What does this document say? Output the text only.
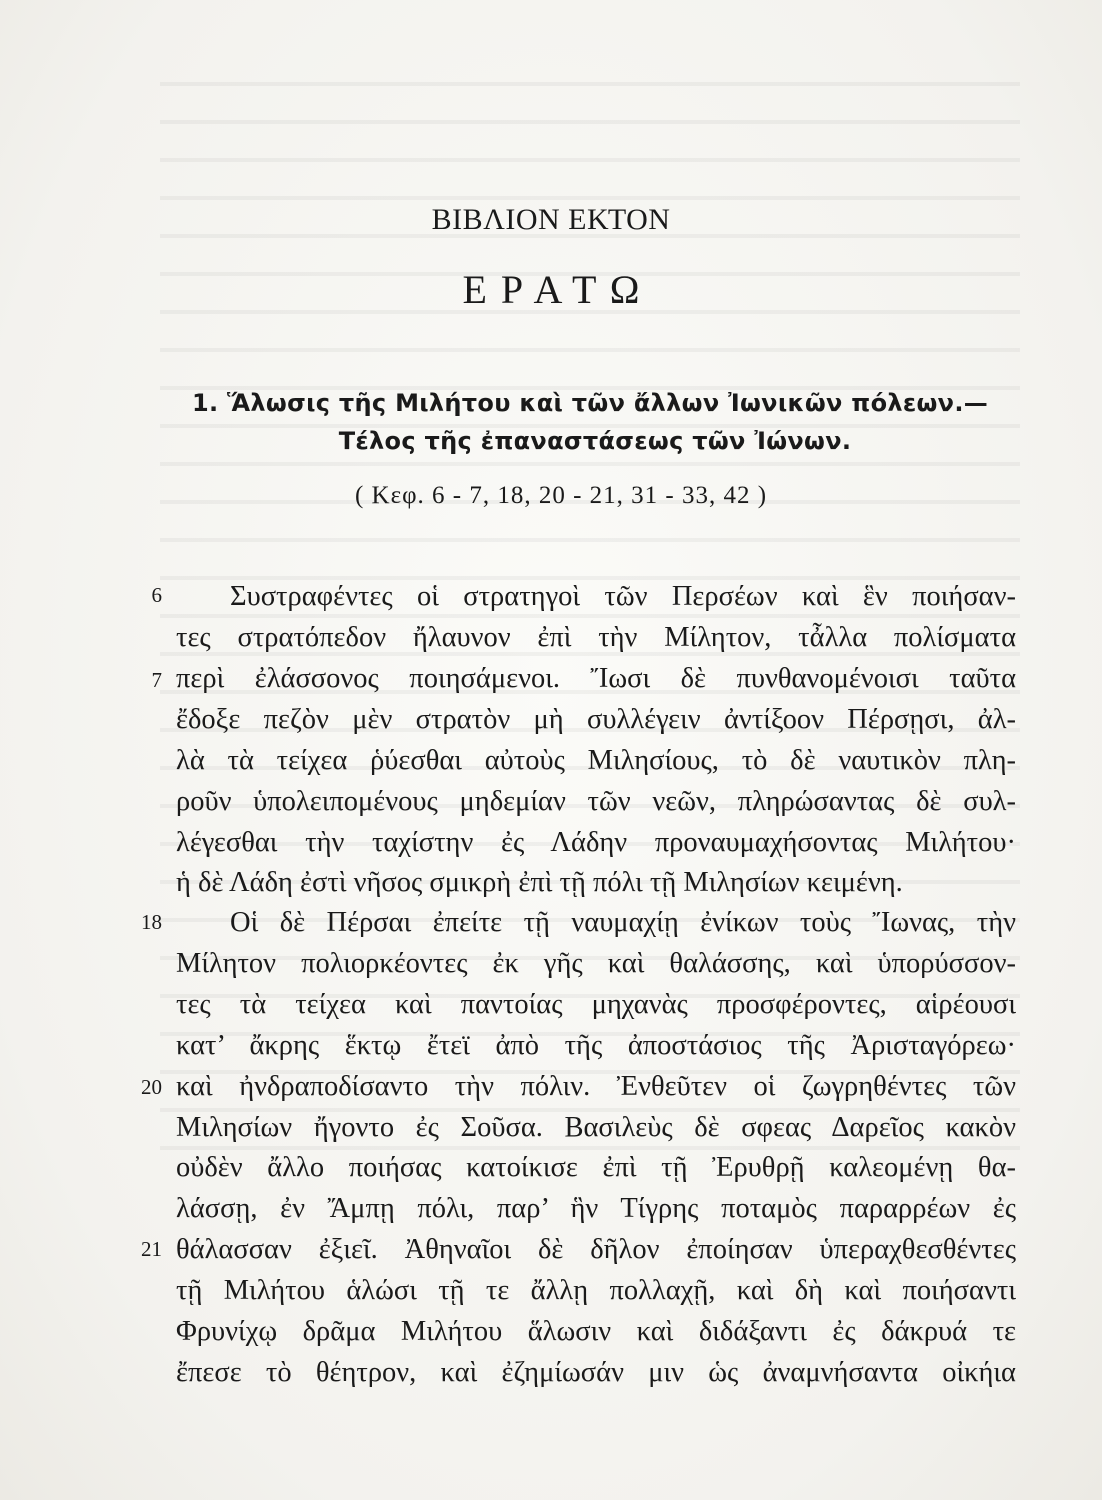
ΒΙΒΛΙΟΝ ΕΚΤΟΝ
ΕΡΑΤΩ
1. Ἅλωσις τῆς Μιλήτου καὶ τῶν ἄλλων Ἰωνικῶν πόλεων.—
Τέλος τῆς ἐπαναστάσεως τῶν Ἰώνων.
( Κεφ. 6 - 7, 18, 20 - 21, 31 - 33, 42 )
6
7
18
20
21
Συστραφέντες οἱ στρατηγοὶ τῶν Περσέων καὶ ἓν ποιήσαν-
τες στρατόπεδον ἤλαυνον ἐπὶ τὴν Μίλητον, τἆλλα πολίσματα
περὶ ἐλάσσονος ποιησάμενοι. Ἴωσι δὲ πυνθανομένοισι ταῦτα
ἔδοξε πεζὸν μὲν στρατὸν μὴ συλλέγειν ἀντίξοον Πέρσῃσι, ἀλ-
λὰ τὰ τείχεα ῥύεσθαι αὐτοὺς Μιλησίους, τὸ δὲ ναυτικὸν πλη-
ροῦν ὑπολειπομένους μηδεμίαν τῶν νεῶν, πληρώσαντας δὲ συλ-
λέγεσθαι τὴν ταχίστην ἐς Λάδην προναυμαχήσοντας Μιλήτου·
ἡ δὲ Λάδη ἐστὶ νῆσος σμικρὴ ἐπὶ τῇ πόλι τῇ Μιλησίων κειμένη.
Οἱ δὲ Πέρσαι ἐπείτε τῇ ναυμαχίῃ ἐνίκων τοὺς Ἴωνας, τὴν
Μίλητον πολιορκέοντες ἐκ γῆς καὶ θαλάσσης, καὶ ὑπορύσσον-
τες τὰ τείχεα καὶ παντοίας μηχανὰς προσφέροντες, αἱρέουσι
κατ’ ἄκρης ἕκτῳ ἔτεϊ ἀπὸ τῆς ἀποστάσιος τῆς Ἀρισταγόρεω·
καὶ ἠνδραποδίσαντο τὴν πόλιν. Ἐνθεῦτεν οἱ ζωγρηθέντες τῶν
Μιλησίων ἤγοντο ἐς Σοῦσα. Βασιλεὺς δὲ σφεας Δαρεῖος κακὸν
οὐδὲν ἄλλο ποιήσας κατοίκισε ἐπὶ τῇ Ἐρυθρῇ καλεομένῃ θα-
λάσσῃ, ἐν Ἄμπῃ πόλι, παρ’ ἣν Τίγρης ποταμὸς παραρρέων ἐς
θάλασσαν ἐξιεῖ. Ἀθηναῖοι δὲ δῆλον ἐποίησαν ὑπεραχθεσθέντες
τῇ Μιλήτου ἁλώσι τῇ τε ἄλλῃ πολλαχῇ, καὶ δὴ καὶ ποιήσαντι
Φρυνίχῳ δρᾶμα Μιλήτου ἅλωσιν καὶ διδάξαντι ἐς δάκρυά τε
ἔπεσε τὸ θέητρον, καὶ ἐζημίωσάν μιν ὡς ἀναμνήσαντα οἰκήια
